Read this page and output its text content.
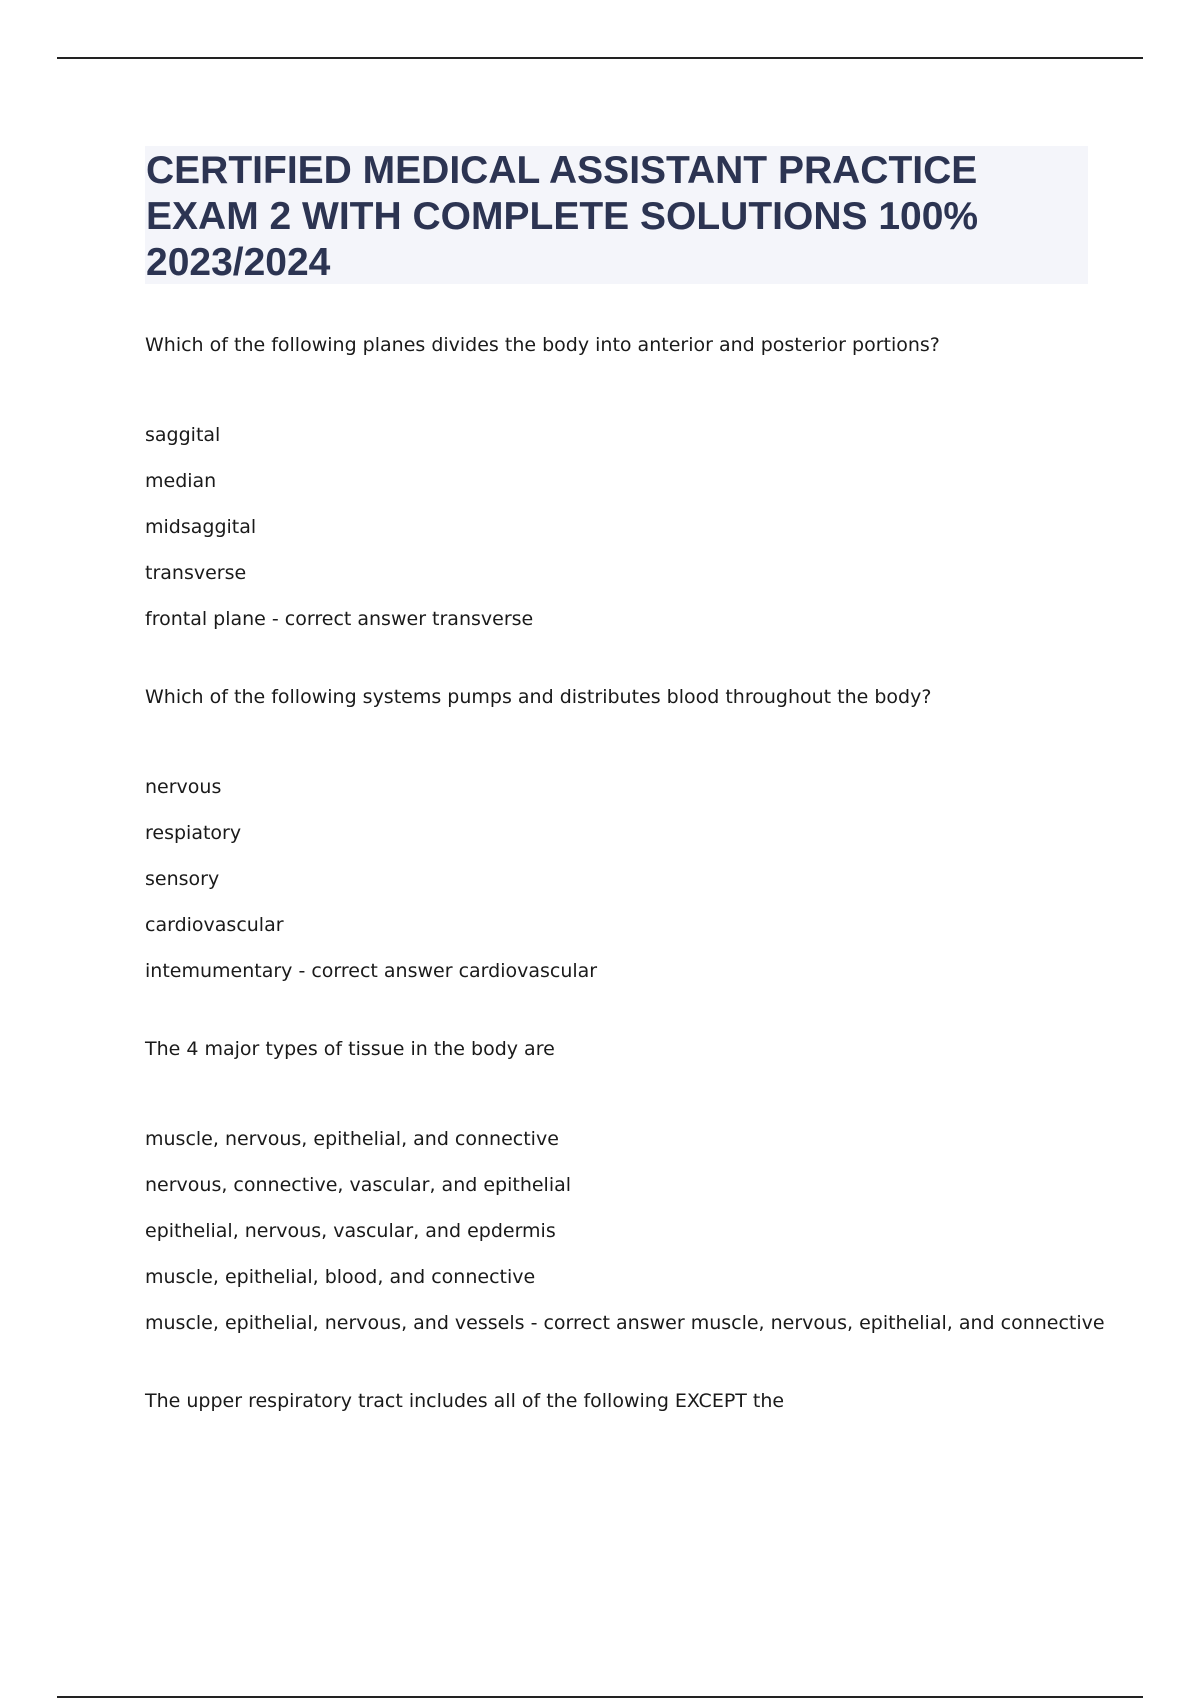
CERTIFIED MEDICAL ASSISTANT PRACTICE EXAM 2 WITH COMPLETE SOLUTIONS 100% 2023/2024
Which of the following planes divides the body into anterior and posterior portions?
saggital
median
midsaggital
transverse
frontal plane - correct answer transverse
Which of the following systems pumps and distributes blood throughout the body?
nervous
respiatory
sensory
cardiovascular
intemumentary - correct answer cardiovascular
The 4 major types of tissue in the body are
muscle, nervous, epithelial, and connective
nervous, connective, vascular, and epithelial
epithelial, nervous, vascular, and epdermis
muscle, epithelial, blood, and connective
muscle, epithelial, nervous, and vessels - correct answer muscle, nervous, epithelial, and connective
The upper respiratory tract includes all of the following EXCEPT the
